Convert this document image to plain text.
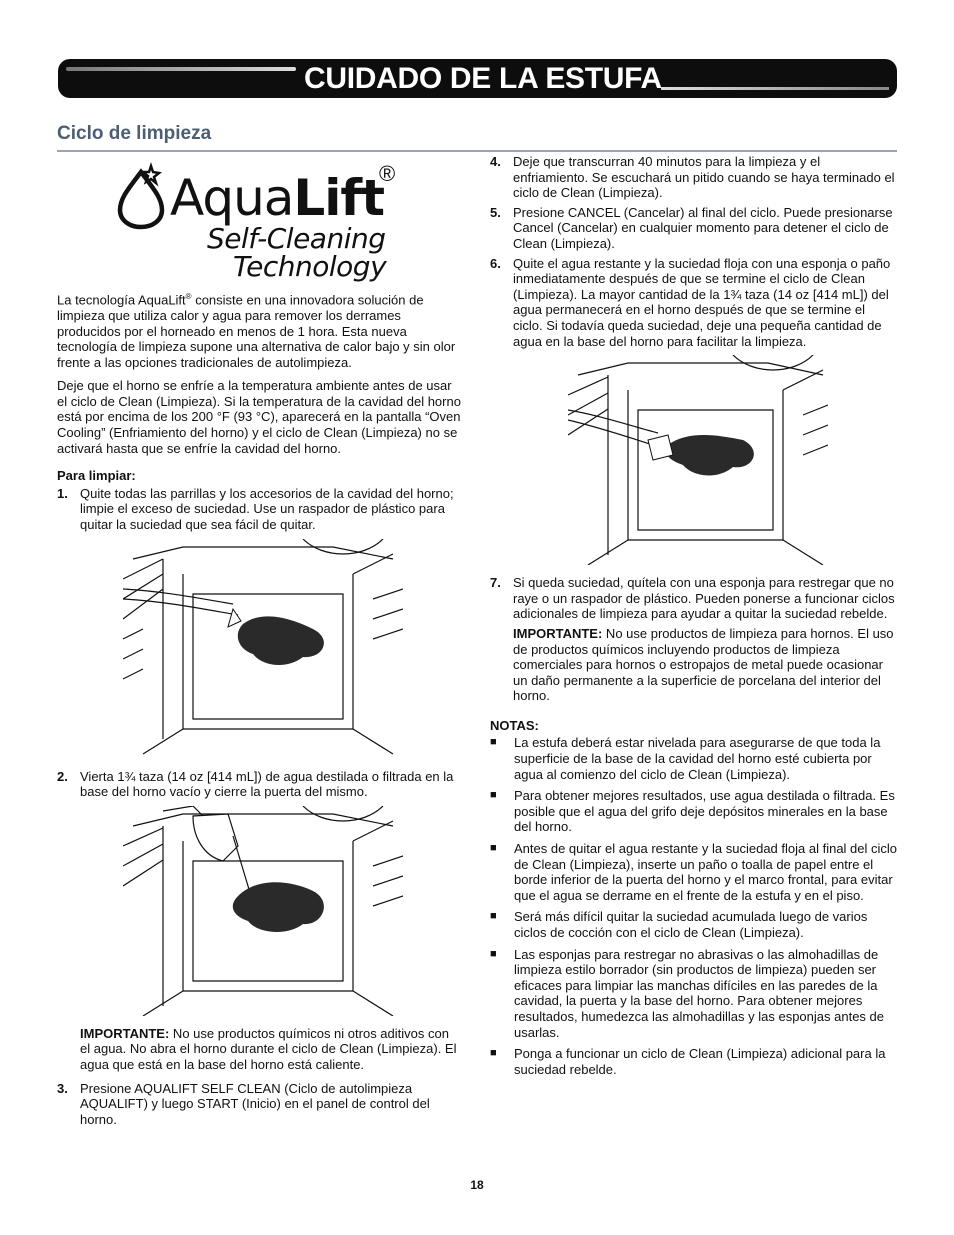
CUIDADO DE LA ESTUFA
Ciclo de limpieza
AquaLift
®
Self-Cleaning
Technology

La tecnología AquaLift® consiste en una innovadora solución de limpieza que utiliza calor y agua para remover los derrames producidos por el horneado en menos de 1 hora. Esta nueva tecnología de limpieza supone una alternativa de calor bajo y sin olor frente a las opciones tradicionales de autolimpieza.

Deje que el horno se enfríe a la temperatura ambiente antes de usar el ciclo de Clean (Limpieza). Si la temperatura de la cavidad del horno está por encima de los 200 °F (93 °C), aparecerá en la pantalla “Oven Cooling” (Enfriamiento del horno) y el ciclo de Clean (Limpieza) no se activará hasta que se enfríe la cavidad del horno.

Para limpiar:
1. Quite todas las parrillas y los accesorios de la cavidad del horno; limpie el exceso de suciedad. Use un raspador de plástico para quitar la suciedad que sea fácil de quitar.
2. Vierta 1¾ taza (14 oz [414 mL]) de agua destilada o filtrada en la base del horno vacío y cierre la puerta del mismo.

IMPORTANTE: No use productos químicos ni otros aditivos con el agua. No abra el horno durante el ciclo de Clean (Limpieza). El agua que está en la base del horno está caliente.

3. Presione AQUALIFT SELF CLEAN (Ciclo de autolimpieza AQUALIFT) y luego START (Inicio) en el panel de control del horno.
4. Deje que transcurran 40 minutos para la limpieza y el enfriamiento. Se escuchará un pitido cuando se haya terminado el ciclo de Clean (Limpieza).
5. Presione CANCEL (Cancelar) al final del ciclo. Puede presionarse Cancel (Cancelar) en cualquier momento para detener el ciclo de Clean (Limpieza).
6. Quite el agua restante y la suciedad floja con una esponja o paño inmediatamente después de que se termine el ciclo de Clean (Limpieza). La mayor cantidad de la 1¾ taza (14 oz [414 mL]) del agua permanecerá en el horno después de que se termine el ciclo. Si todavía queda suciedad, deje una pequeña cantidad de agua en la base del horno para facilitar la limpieza.
7. Si queda suciedad, quítela con una esponja para restregar que no raye o un raspador de plástico. Pueden ponerse a funcionar ciclos adicionales de limpieza para ayudar a quitar la suciedad rebelde.

IMPORTANTE: No use productos de limpieza para hornos. El uso de productos químicos incluyendo productos de limpieza comerciales para hornos o estropajos de metal puede ocasionar un daño permanente a la superficie de porcelana del interior del horno.

NOTAS:
■	La estufa deberá estar nivelada para asegurarse de que toda la superficie de la base de la cavidad del horno esté cubierta por agua al comienzo del ciclo de Clean (Limpieza).
■	Para obtener mejores resultados, use agua destilada o filtrada. Es posible que el agua del grifo deje depósitos minerales en la base del horno.
■	Antes de quitar el agua restante y la suciedad floja al final del ciclo de Clean (Limpieza), inserte un paño o toalla de papel entre el borde inferior de la puerta del horno y el marco frontal, para evitar que el agua se derrame en el frente de la estufa y en el piso.
■	Será más difícil quitar la suciedad acumulada luego de varios ciclos de cocción con el ciclo de Clean (Limpieza).
■	Las esponjas para restregar no abrasivas o las almohadillas de limpieza estilo borrador (sin productos de limpieza) pueden ser eficaces para limpiar las manchas difíciles en las paredes de la cavidad, la puerta y la base del horno. Para obtener mejores resultados, humedezca las almohadillas y las esponjas antes de usarlas.
■	Ponga a funcionar un ciclo de Clean (Limpieza) adicional para la suciedad rebelde.
18
